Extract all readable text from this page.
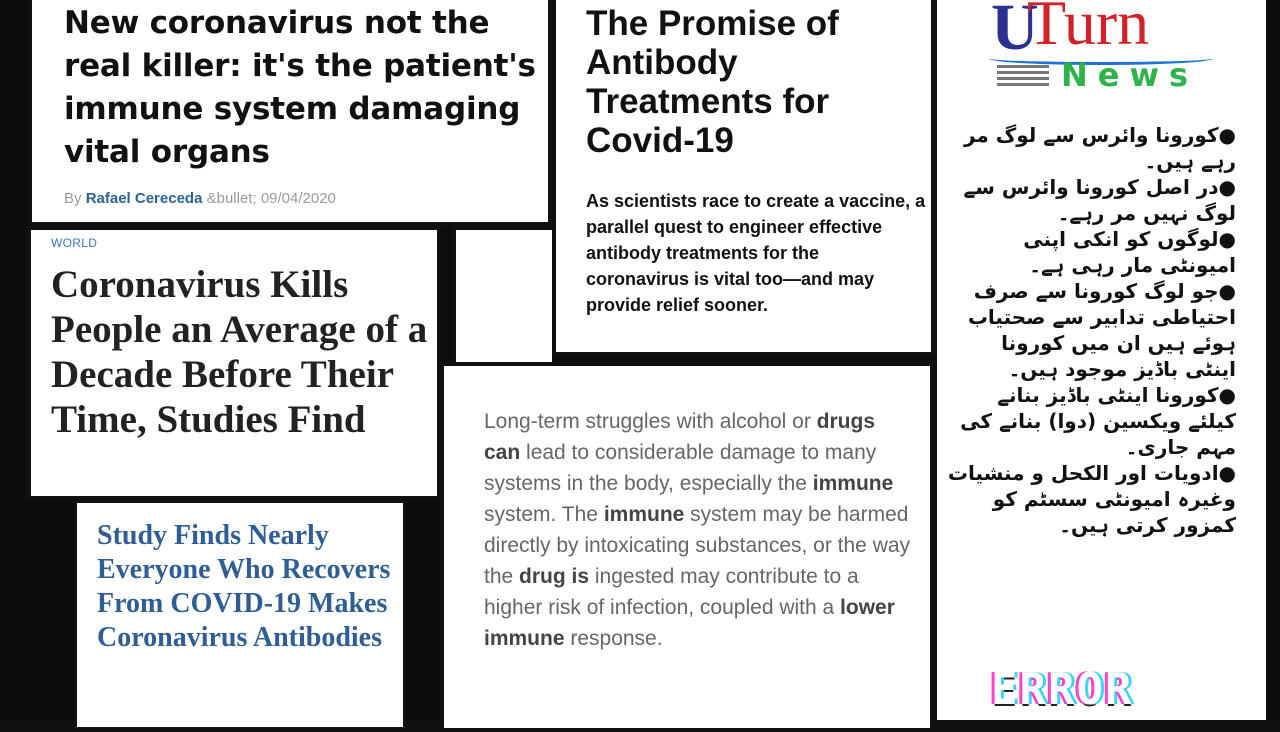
New coronavirus not the real killer: it's the patient's immune system damaging vital organs
By Rafael Cereceda &bullet; 09/04/2020
The Promise of Antibody Treatments for Covid-19
As scientists race to create a vaccine, a parallel quest to engineer effective antibody treatments for the coronavirus is vital too—and may provide relief sooner.
WORLD
Coronavirus Kills People an Average of a Decade Before Their Time, Studies Find
Study Finds Nearly Everyone Who Recovers From COVID-19 Makes Coronavirus Antibodies
Long-term struggles with alcohol or drugs can lead to considerable damage to many systems in the body, especially the immune system. The immune system may be harmed directly by intoxicating substances, or the way the drug is ingested may contribute to a higher risk of infection, coupled with a lower immune response.
U
Turn
News

●کورونا وائرس سے لوگ مر رہے ہیں۔

●در اصل کورونا وائرس سے لوگ نہیں مر رہے۔

●لوگوں کو انکی اپنی امیونٹی مار رہی ہے۔

●جو لوگ کورونا سے صرف احتیاطی تدابیر سے صحتیاب ہوئے ہیں ان میں کورونا اینٹی باڈیز موجود ہیں۔

●کورونا اینٹی باڈیز بنانے کیلئے ویکسین (دوا) بنانے کی مہم جاری۔

●ادویات اور الکحل و منشیات وغیرہ امیونٹی سسٹم کو کمزور کرتی ہیں۔

ERROR
